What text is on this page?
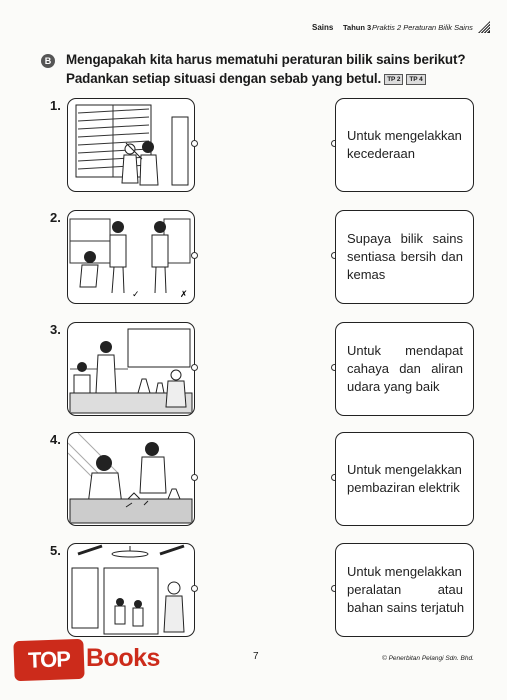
Sains Tahun 3 Praktis 2 Peraturan Bilik Sains
B Mengapakah kita harus mematuhi peraturan bilik sains berikut?
Padankan setiap situasi dengan sebab yang betul. TP 2 TP 4
1.
Untuk mengelakkan
kecederaan
2.
✓	✗
Supaya bilik sains
sentiasa bersih dan
kemas
3.
Untuk mendapat
cahaya dan aliran
udara yang baik
4.
Untuk mengelakkan
pembaziran elektrik
5.
Untuk mengelakkan
peralatan	atau
bahan sains terjatuh
7	© Penerbitan Pelangi Sdn. Bhd.
TOP Books
